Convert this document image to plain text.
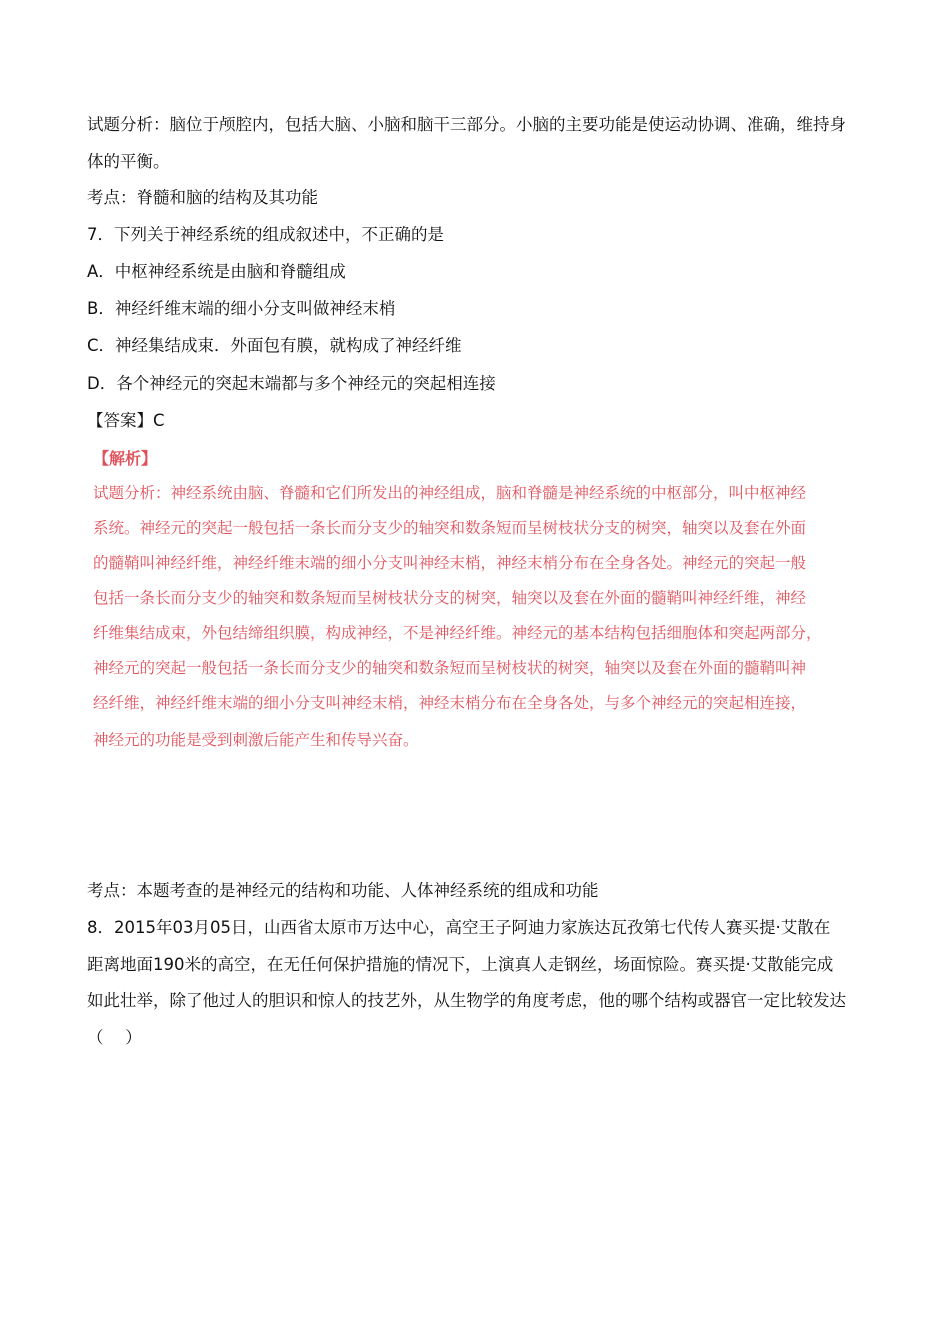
试题分析：脑位于颅腔内，包括大脑、小脑和脑干三部分。小脑的主要功能是使运动协调、准确，维持身
体的平衡。
考点：脊髓和脑的结构及其功能
7．下列关于神经系统的组成叙述中，不正确的是
A．中枢神经系统是由脑和脊髓组成
B．神经纤维末端的细小分支叫做神经末梢
C．神经集结成束．外面包有膜，就构成了神经纤维
D．各个神经元的突起末端都与多个神经元的突起相连接
【答案】C
【解析】
试题分析：神经系统由脑、脊髓和它们所发出的神经组成，脑和脊髓是神经系统的中枢部分，叫中枢神经
系统。神经元的突起一般包括一条长而分支少的轴突和数条短而呈树枝状分支的树突，轴突以及套在外面
的髓鞘叫神经纤维，神经纤维末端的细小分支叫神经末梢，神经末梢分布在全身各处。神经元的突起一般
包括一条长而分支少的轴突和数条短而呈树枝状分支的树突，轴突以及套在外面的髓鞘叫神经纤维，神经
纤维集结成束，外包结缔组织膜，构成神经，不是神经纤维。神经元的基本结构包括细胞体和突起两部分，
神经元的突起一般包括一条长而分支少的轴突和数条短而呈树枝状的树突，轴突以及套在外面的髓鞘叫神
经纤维，神经纤维末端的细小分支叫神经末梢，神经末梢分布在全身各处，与多个神经元的突起相连接，
神经元的功能是受到刺激后能产生和传导兴奋。
考点：本题考查的是神经元的结构和功能、人体神经系统的组成和功能
8．2015年03月05日，山西省太原市万达中心，高空王子阿迪力家族达瓦孜第七代传人赛买提·艾散在
距离地面190米的高空，在无任何保护措施的情况下，上演真人走钢丝，场面惊险。赛买提·艾散能完成
如此壮举，除了他过人的胆识和惊人的技艺外，从生物学的角度考虑，他的哪个结构或器官一定比较发达
（　 ）
